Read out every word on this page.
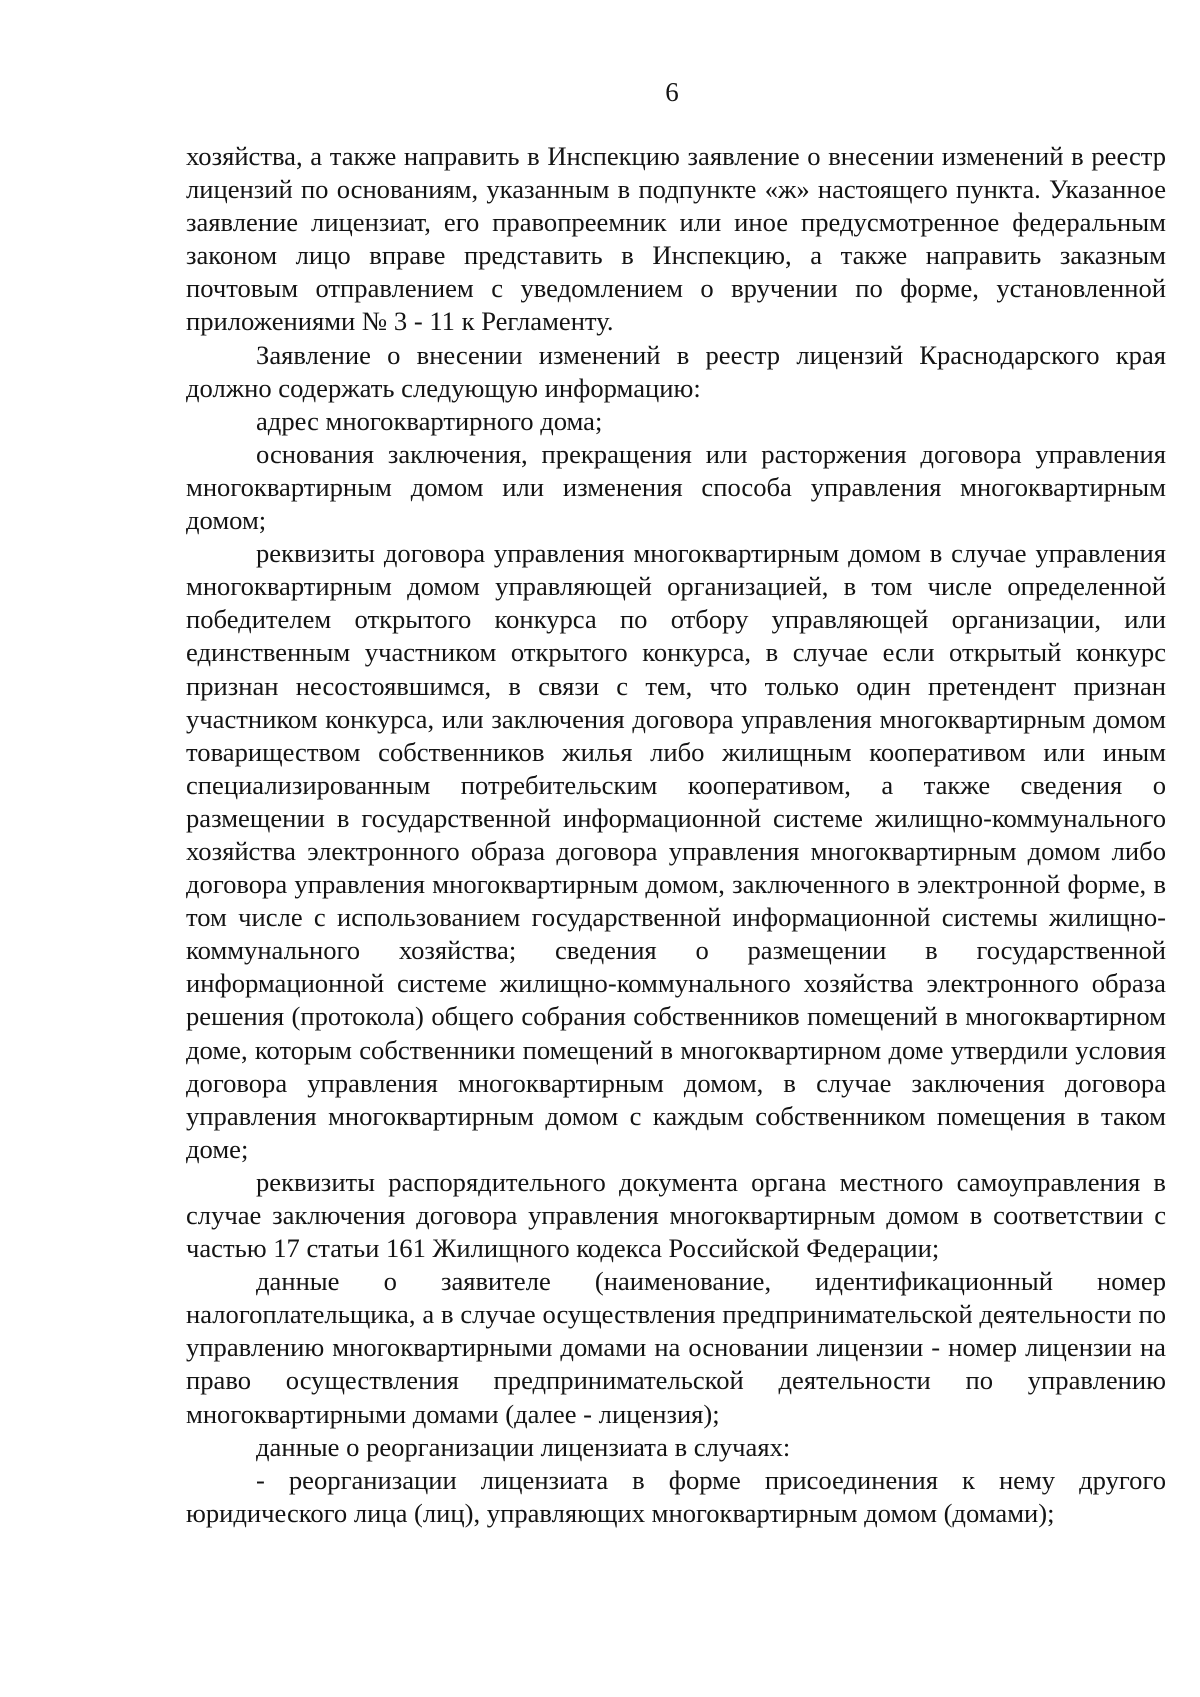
6

хозяйства, а также направить в Инспекцию заявление о внесении изменений в реестр лицензий по основаниям, указанным в подпункте «ж» настоящего пункта. Указанное заявление лицензиат, его правопреемник или иное предусмотренное федеральным законом лицо вправе представить в Инспекцию, а также направить заказным почтовым отправлением с уведомлением о вручении по форме, установленной приложениями № 3 - 11 к Регламенту.

Заявление о внесении изменений в реестр лицензий Краснодарского края должно содержать следующую информацию:

адрес многоквартирного дома;

основания заключения, прекращения или расторжения договора управления многоквартирным домом или изменения способа управления многоквартирным домом;

реквизиты договора управления многоквартирным домом в случае управления многоквартирным домом управляющей организацией, в том числе определенной победителем открытого конкурса по отбору управляющей организации, или единственным участником открытого конкурса, в случае если открытый конкурс признан несостоявшимся, в связи с тем, что только один претендент признан участником конкурса, или заключения договора управления многоквартирным домом товариществом собственников жилья либо жилищным кооперативом или иным специализированным потребительским кооперативом, а также сведения о размещении в государственной информационной системе жилищно-коммунального хозяйства электронного образа договора управления многоквартирным домом либо договора управления многоквартирным домом, заключенного в электронной форме, в том числе с использованием государственной информационной системы жилищно-коммунального хозяйства; сведения о размещении в государственной информационной системе жилищно-коммунального хозяйства электронного образа решения (протокола) общего собрания собственников помещений в многоквартирном доме, которым собственники помещений в многоквартирном доме утвердили условия договора управления многоквартирным домом, в случае заключения договора управления многоквартирным домом с каждым собственником помещения в таком доме;

реквизиты распорядительного документа органа местного самоуправления в случае заключения договора управления многоквартирным домом в соответствии с частью 17 статьи 161 Жилищного кодекса Российской Федерации;

данные о заявителе (наименование, идентификационный номер налогоплательщика, а в случае осуществления предпринимательской деятельности по управлению многоквартирными домами на основании лицензии - номер лицензии на право осуществления предпринимательской деятельности по управлению многоквартирными домами (далее - лицензия);

данные о реорганизации лицензиата в случаях:

- реорганизации лицензиата в форме присоединения к нему другого юридического лица (лиц), управляющих многоквартирным домом (домами);
